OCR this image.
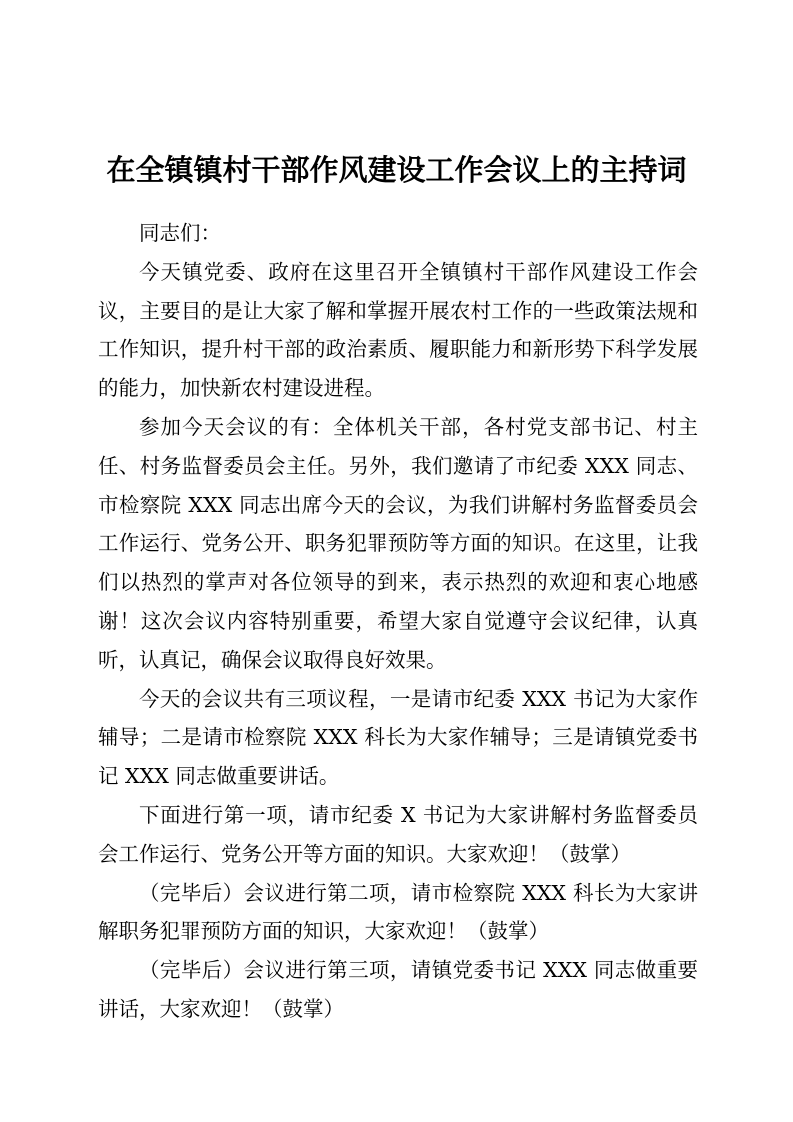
在全镇镇村干部作风建设工作会议上的主持词

同志们：

今天镇党委、政府在这里召开全镇镇村干部作风建设工作会议，主要目的是让大家了解和掌握开展农村工作的一些政策法规和工作知识，提升村干部的政治素质、履职能力和新形势下科学发展的能力，加快新农村建设进程。

参加今天会议的有：全体机关干部，各村党支部书记、村主任、村务监督委员会主任。另外，我们邀请了市纪委 XXX 同志、市检察院 XXX 同志出席今天的会议，为我们讲解村务监督委员会工作运行、党务公开、职务犯罪预防等方面的知识。在这里，让我们以热烈的掌声对各位领导的到来，表示热烈的欢迎和衷心地感谢！这次会议内容特别重要，希望大家自觉遵守会议纪律，认真听，认真记，确保会议取得良好效果。

今天的会议共有三项议程，一是请市纪委 XXX 书记为大家作辅导；二是请市检察院 XXX 科长为大家作辅导；三是请镇党委书记 XXX 同志做重要讲话。

下面进行第一项，请市纪委 X 书记为大家讲解村务监督委员会工作运行、党务公开等方面的知识。大家欢迎！（鼓掌）

（完毕后）会议进行第二项，请市检察院 XXX 科长为大家讲解职务犯罪预防方面的知识，大家欢迎！（鼓掌）

（完毕后）会议进行第三项，请镇党委书记 XXX 同志做重要讲话，大家欢迎！（鼓掌）
